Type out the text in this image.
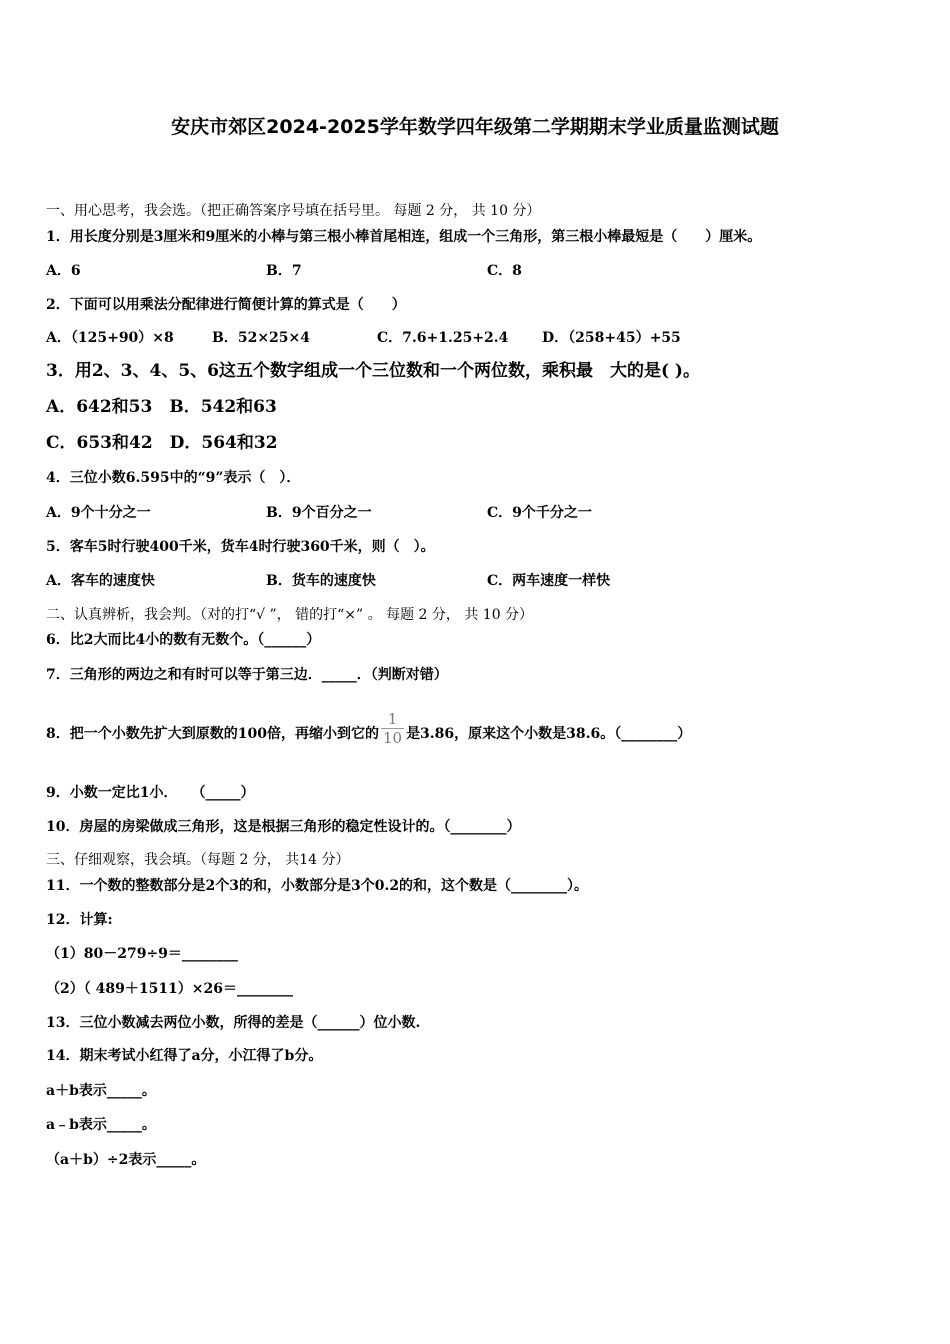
安庆市郊区2024-2025学年数学四年级第二学期期末学业质量监测试题
一、用心思考，我会选。（把正确答案序号填在括号里。 每题 2 分， 共 10 分）
1．用长度分别是3厘米和9厘米的小棒与第三根小棒首尾相连，组成一个三角形，第三根小棒最短是（　　）厘米。
A．6	B．7	C．8
2．下面可以用乘法分配律进行简便计算的算式是（　　）
A．（125+90）×8	B．52×25×4	C．7.6+1.25+2.4 D．（258+45）+55
3．用2、3、4、5、6这五个数字组成一个三位数和一个两位数，乘积最　大的是( )。
A．642和53　B．542和63
C．653和42　D．564和32
4．三位小数6.595中的“9”表示（　）．
A．9个十分之一	B．9个百分之一	C．9个千分之一
5．客车5时行驶400千米，货车4时行驶360千米，则（　）。
A．客车的速度快	B．货车的速度快	C．两车速度一样快
二、认真辨析，我会判。（对的打“√ ”， 错的打“×” 。 每题 2 分， 共 10 分）
6．比2大而比4小的数有无数个。（______）
7．三角形的两边之和有时可以等于第三边．_____．（判断对错）
8．把一个小数先扩大到原数的100倍，再缩小到它的 $\frac{1}{10}$ 是3.86，原来这个小数是38.6。（________）
9．小数一定比1小．　　（_____）
10．房屋的房梁做成三角形，这是根据三角形的稳定性设计的。（________）
三、仔细观察，我会填。（每题 2 分， 共14 分）
11．一个数的整数部分是2个3的和，小数部分是3个0.2的和，这个数是（________）。
12．计算:
（1）80－279÷9＝________
（2）（ 489＋1511）×26＝________
13．三位小数减去两位小数，所得的差是（______）位小数.
14．期末考试小红得了a分，小江得了b分。
a＋b表示_____。
a﹣b表示_____。
（a＋b）÷2表示_____。
